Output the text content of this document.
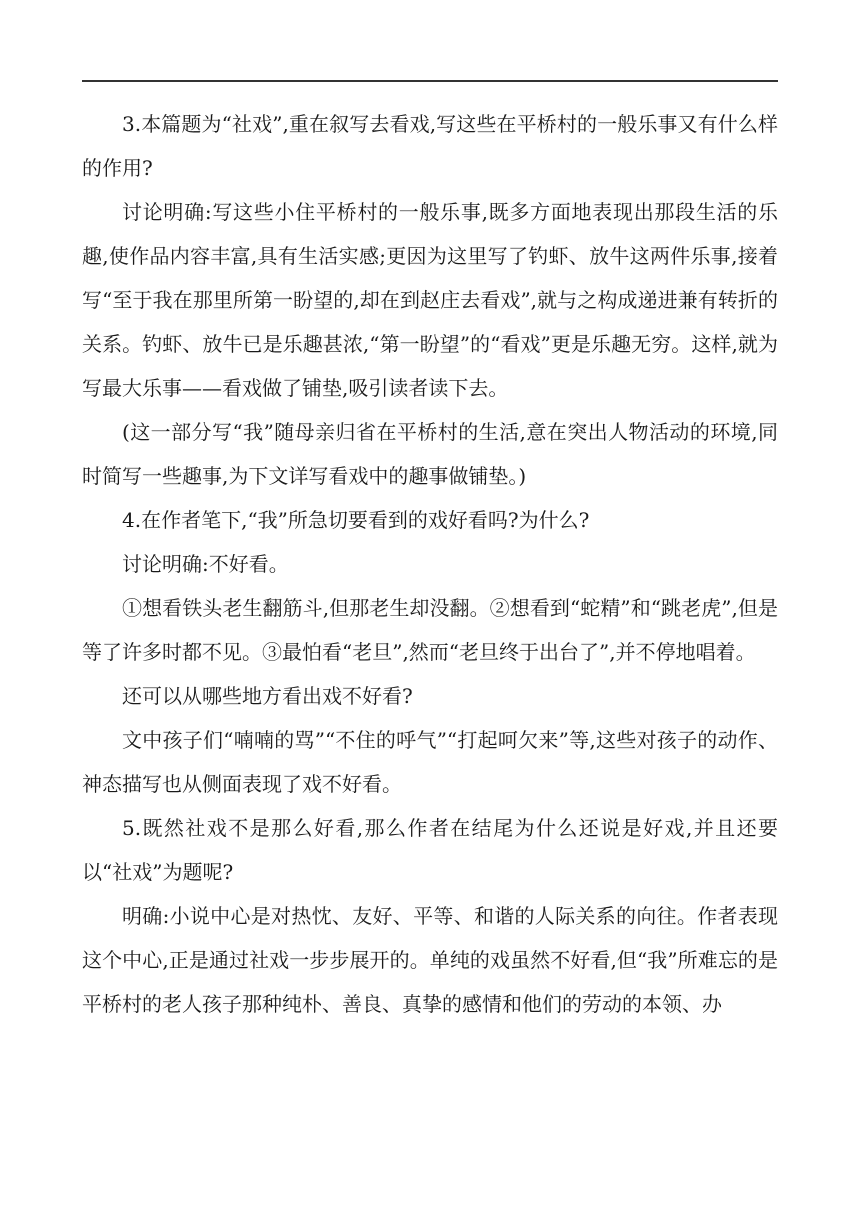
3.本篇题为“社戏”,重在叙写去看戏,写这些在平桥村的一般乐事又有什么样的作用?

讨论明确:写这些小住平桥村的一般乐事,既多方面地表现出那段生活的乐趣,使作品内容丰富,具有生活实感;更因为这里写了钓虾、放牛这两件乐事,接着写“至于我在那里所第一盼望的,却在到赵庄去看戏”,就与之构成递进兼有转折的关系。钓虾、放牛已是乐趣甚浓,“第一盼望”的“看戏”更是乐趣无穷。这样,就为写最大乐事——看戏做了铺垫,吸引读者读下去。

(这一部分写“我”随母亲归省在平桥村的生活,意在突出人物活动的环境,同时简写一些趣事,为下文详写看戏中的趣事做铺垫。)

4.在作者笔下,“我”所急切要看到的戏好看吗?为什么?

讨论明确:不好看。

①想看铁头老生翻筋斗,但那老生却没翻。②想看到“蛇精”和“跳老虎”,但是等了许多时都不见。③最怕看“老旦”,然而“老旦终于出台了”,并不停地唱着。

还可以从哪些地方看出戏不好看?

文中孩子们“喃喃的骂”“不住的呼气”“打起呵欠来”等,这些对孩子的动作、神态描写也从侧面表现了戏不好看。

5.既然社戏不是那么好看,那么作者在结尾为什么还说是好戏,并且还要以“社戏”为题呢?

明确:小说中心是对热忱、友好、平等、和谐的人际关系的向往。作者表现这个中心,正是通过社戏一步步展开的。单纯的戏虽然不好看,但“我”所难忘的是平桥村的老人孩子那种纯朴、善良、真挚的感情和他们的劳动的本领、办
